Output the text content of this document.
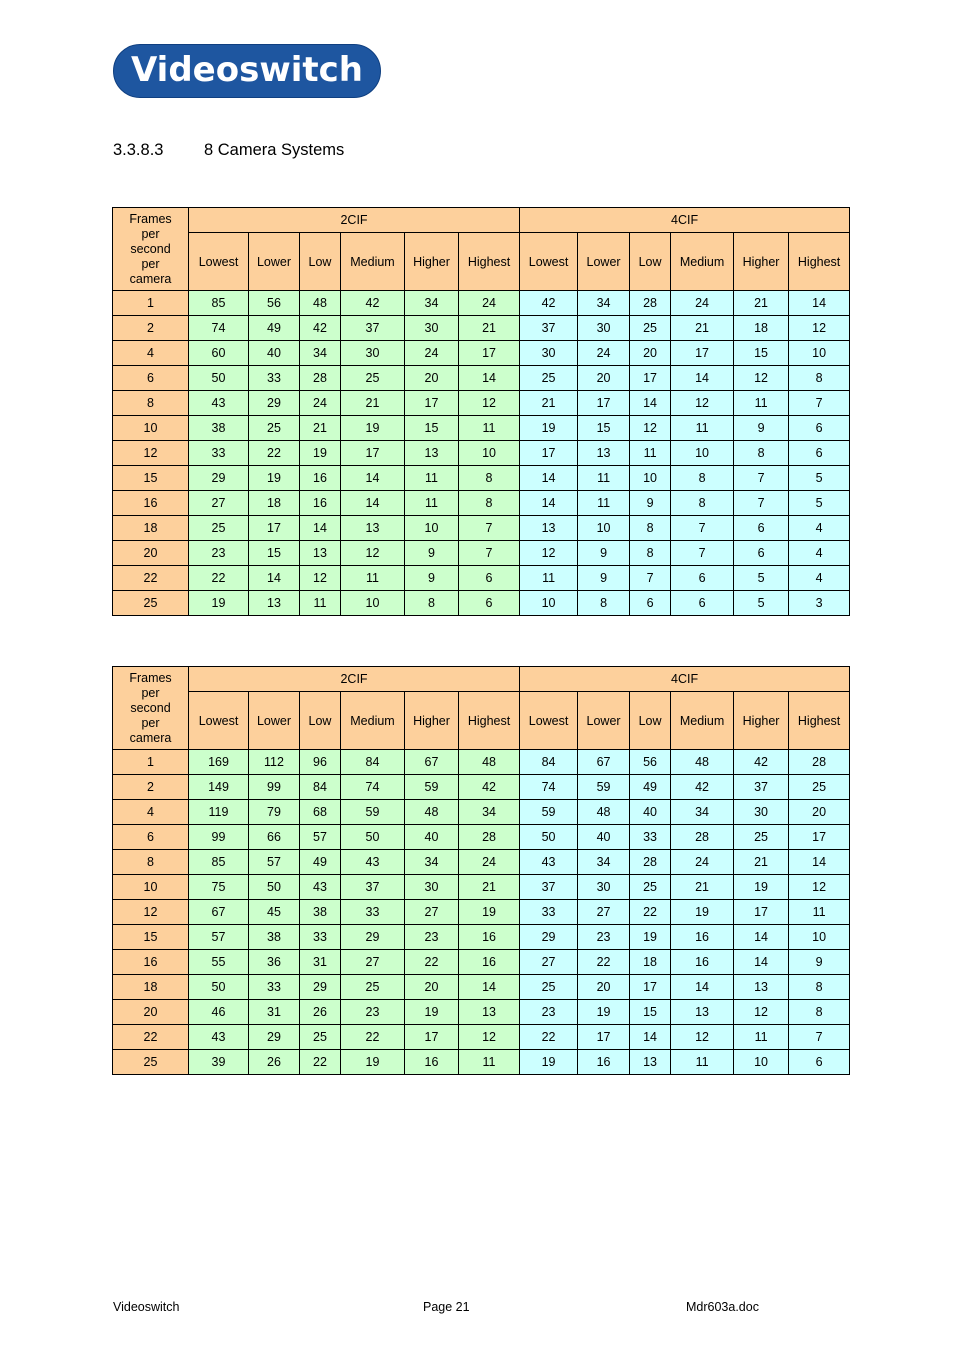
Videoswitch
3.3.8.3 8 Camera Systems
Frames
per
second
per
camera	2CIF						4CIF					
	Lowest	Lower	Low	Medium	Higher	Highest	Lowest	Lower	Low	Medium	Higher	Highest
1	85	56	48	42	34	24	42	34	28	24	21	14
2	74	49	42	37	30	21	37	30	25	21	18	12
4	60	40	34	30	24	17	30	24	20	17	15	10
6	50	33	28	25	20	14	25	20	17	14	12	8
8	43	29	24	21	17	12	21	17	14	12	11	7
10	38	25	21	19	15	11	19	15	12	11	9	6
12	33	22	19	17	13	10	17	13	11	10	8	6
15	29	19	16	14	11	8	14	11	10	8	7	5
16	27	18	16	14	11	8	14	11	9	8	7	5
18	25	17	14	13	10	7	13	10	8	7	6	4
20	23	15	13	12	9	7	12	9	8	7	6	4
22	22	14	12	11	9	6	11	9	7	6	5	4
25	19	13	11	10	8	6	10	8	6	6	5	3
Frames
per
second
per
camera	2CIF						4CIF					
	Lowest	Lower	Low	Medium	Higher	Highest	Lowest	Lower	Low	Medium	Higher	Highest
1	169	112	96	84	67	48	84	67	56	48	42	28
2	149	99	84	74	59	42	74	59	49	42	37	25
4	119	79	68	59	48	34	59	48	40	34	30	20
6	99	66	57	50	40	28	50	40	33	28	25	17
8	85	57	49	43	34	24	43	34	28	24	21	14
10	75	50	43	37	30	21	37	30	25	21	19	12
12	67	45	38	33	27	19	33	27	22	19	17	11
15	57	38	33	29	23	16	29	23	19	16	14	10
16	55	36	31	27	22	16	27	22	18	16	14	9
18	50	33	29	25	20	14	25	20	17	14	13	8
20	46	31	26	23	19	13	23	19	15	13	12	8
22	43	29	25	22	17	12	22	17	14	12	11	7
25	39	26	22	19	16	11	19	16	13	11	10	6
Videoswitch	Page 21	Mdr603a.doc
